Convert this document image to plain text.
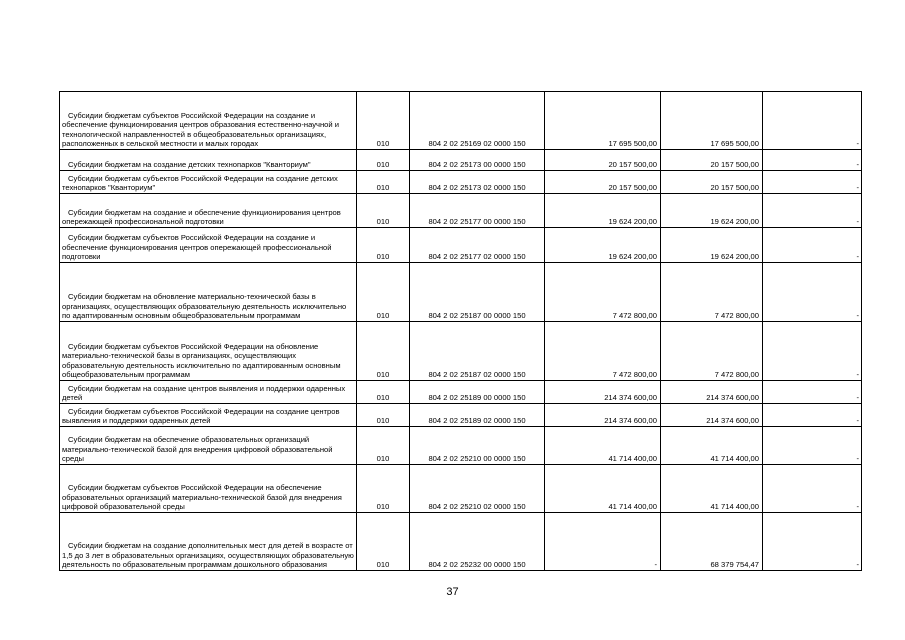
Субсидии бюджетам субъектов Российской Федерации на создание и обеспечение функционирования центров образования естественно-научной и технологической направленностей в общеобразовательных организациях, расположенных в сельской местности и малых городах	010	804 2 02 25169 02 0000 150	17 695 500,00	17 695 500,00	-

Субсидии бюджетам на создание детских технопарков "Кванториум"	010	804 2 02 25173 00 0000 150	20 157 500,00	20 157 500,00	-

Субсидии бюджетам субъектов Российской Федерации на создание детских технопарков "Кванториум"	010	804 2 02 25173 02 0000 150	20 157 500,00	20 157 500,00	-

Субсидии бюджетам на создание и обеспечение функционирования центров опережающей профессиональной подготовки	010	804 2 02 25177 00 0000 150	19 624 200,00	19 624 200,00	-

Субсидии бюджетам субъектов Российской Федерации на создание и обеспечение функционирования центров опережающей профессиональной подготовки	010	804 2 02 25177 02 0000 150	19 624 200,00	19 624 200,00	-

Субсидии бюджетам на обновление материально-технической базы в организациях, осуществляющих образовательную деятельность исключительно по адаптированным основным общеобразовательным программам	010	804 2 02 25187 00 0000 150	7 472 800,00	7 472 800,00	-

Субсидии бюджетам субъектов Российской Федерации на обновление материально-технической базы в организациях, осуществляющих образовательную деятельность исключительно по адаптированным основным общеобразовательным программам	010	804 2 02 25187 02 0000 150	7 472 800,00	7 472 800,00	-

Субсидии бюджетам на создание центров выявления и поддержки одаренных детей	010	804 2 02 25189 00 0000 150	214 374 600,00	214 374 600,00	-

Субсидии бюджетам субъектов Российской Федерации на создание центров выявления и поддержки одаренных детей	010	804 2 02 25189 02 0000 150	214 374 600,00	214 374 600,00	-

Субсидии бюджетам на обеспечение образовательных организаций материально-технической базой для внедрения цифровой образовательной среды	010	804 2 02 25210 00 0000 150	41 714 400,00	41 714 400,00	-

Субсидии бюджетам субъектов Российской Федерации на обеспечение образовательных организаций материально-технической базой для внедрения цифровой образовательной среды	010	804 2 02 25210 02 0000 150	41 714 400,00	41 714 400,00	-

Субсидии бюджетам на создание дополнительных мест для детей в возрасте от 1,5 до 3 лет в образовательных организациях, осуществляющих образовательную деятельность по образовательным программам дошкольного образования	010	804 2 02 25232 00 0000 150	-	68 379 754,47	-
37
